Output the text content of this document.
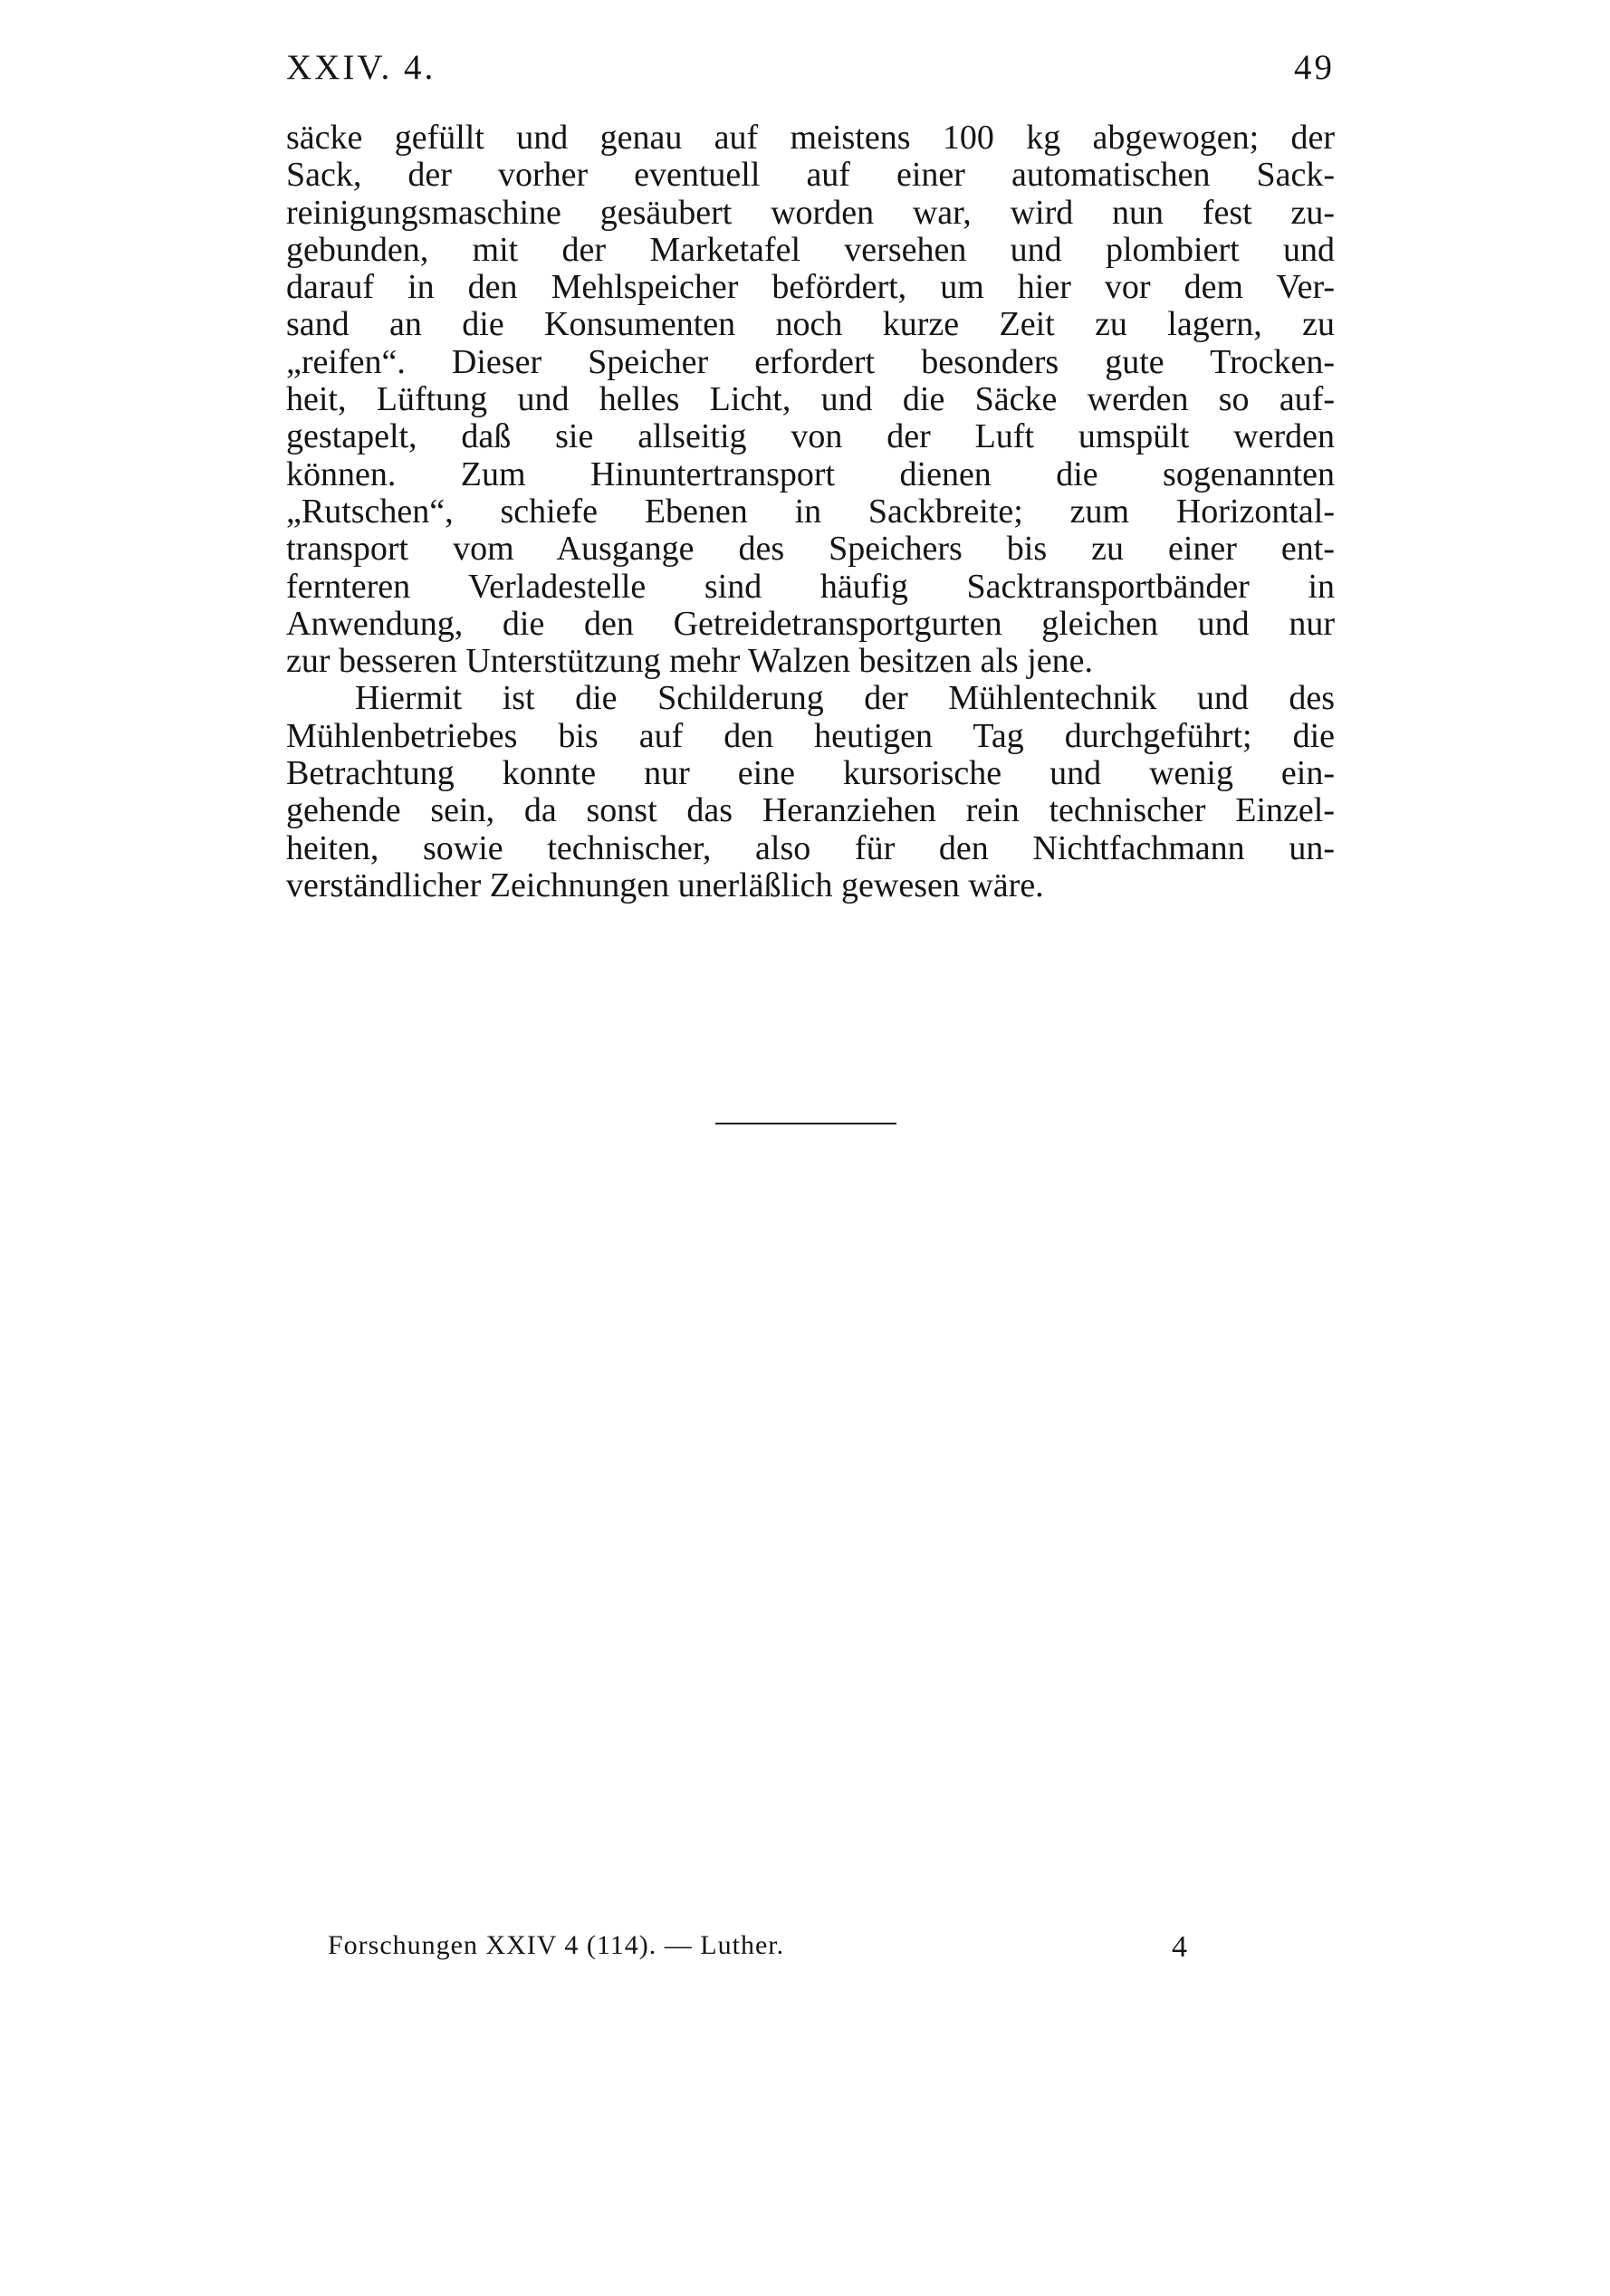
XXIV. 4.	49
säcke gefüllt und genau auf meistens 100 kg abgewogen; der
Sack, der vorher eventuell auf einer automatischen Sack-
reinigungsmaschine gesäubert worden war, wird nun fest zu-
gebunden, mit der Marketafel versehen und plombiert und
darauf in den Mehlspeicher befördert, um hier vor dem Ver-
sand an die Konsumenten noch kurze Zeit zu lagern, zu
„reifen“. Dieser Speicher erfordert besonders gute Trocken-
heit, Lüftung und helles Licht, und die Säcke werden so auf-
gestapelt, daß sie allseitig von der Luft umspült werden
können. Zum Hinuntertransport dienen die sogenannten
„Rutschen“, schiefe Ebenen in Sackbreite; zum Horizontal-
transport vom Ausgange des Speichers bis zu einer ent-
fernteren Verladestelle sind häufig Sacktransportbänder in
Anwendung, die den Getreidetransportgurten gleichen und nur
zur besseren Unterstützung mehr Walzen besitzen als jene.
Hiermit ist die Schilderung der Mühlentechnik und des
Mühlenbetriebes bis auf den heutigen Tag durchgeführt; die
Betrachtung konnte nur eine kursorische und wenig ein-
gehende sein, da sonst das Heranziehen rein technischer Einzel-
heiten, sowie technischer, also für den Nichtfachmann un-
verständlicher Zeichnungen unerläßlich gewesen wäre.
Forschungen XXIV 4 (114). — Luther.	4
